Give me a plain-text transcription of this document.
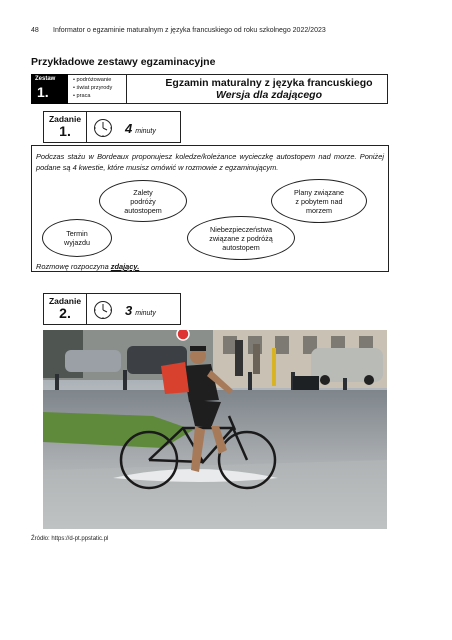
48 Informator o egzaminie maturalnym z języka francuskiego od roku szkolnego 2022/2023
Przykładowe zestawy egzaminacyjne
Zestaw
1.
• podróżowanie
• świat przyrody
• praca
Egzamin maturalny z języka francuskiego
Wersja dla zdającego
Zadanie
1.	4 minuty
Podczas stażu w Bordeaux proponujesz koledze/koleżance wycieczkę autostopem nad morze. Poniżej podane są 4 kwestie, które musisz omówić w rozmowie z egzaminującym.
Zalety
podróży
autostopem
Plany związane
z pobytem nad
morzem
Termin
wyjazdu
Niebezpieczeństwa
związane z podróżą
autostopem
Rozmowę rozpoczyna zdający.
Zadanie
2.	3 minuty
Źródło: https://d-pt.ppstatic.pl
